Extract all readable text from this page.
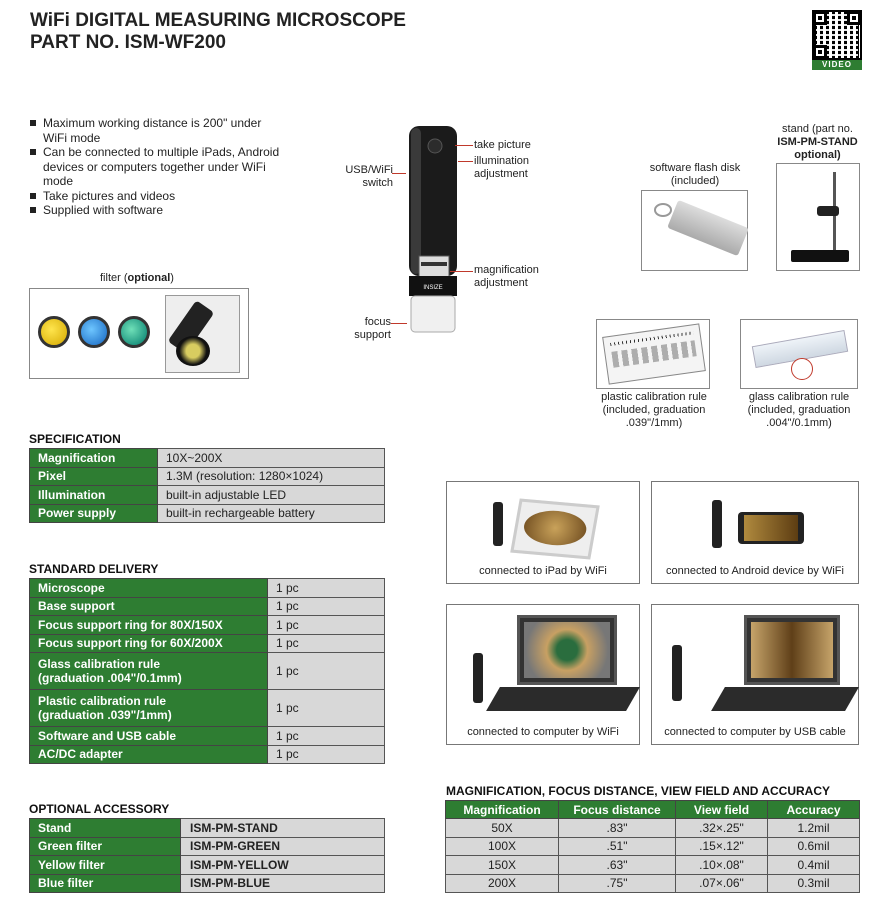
WiFi DIGITAL MEASURING MICROSCOPE
PART NO. ISM-WF200
VIDEO
Maximum working distance is 200" under WiFi mode
Can be connected to multiple iPads, Android devices or computers together under WiFi mode
Take pictures and videos
Supplied with software
filter (optional)
INSIZE
take picture
illumination adjustment
USB/WiFi switch
magnification adjustment
focus support
software flash disk (included)
stand (part no.
ISM-PM-STAND
optional)
plastic calibration rule (included, graduation .039"/1mm)
glass calibration rule (included, graduation .004"/0.1mm)
SPECIFICATION
Magnification	10X~200X
Pixel	1.3M (resolution: 1280×1024)
Illumination	built-in adjustable LED
Power supply	built-in rechargeable battery
STANDARD DELIVERY
Microscope	1 pc
Base support	1 pc
Focus support ring for 80X/150X	1 pc
Focus support ring for 60X/200X	1 pc

Glass calibration rule
(graduation .004"/0.1mm)	1 pc

Plastic calibration rule
(graduation .039"/1mm)	1 pc
Software and USB cable	1 pc
AC/DC adapter	1 pc
OPTIONAL ACCESSORY
Stand	ISM-PM-STAND
Green filter	ISM-PM-GREEN
Yellow filter	ISM-PM-YELLOW
Blue filter	ISM-PM-BLUE
connected to iPad by WiFi	connected to Android device by WiFi
connected to computer by WiFi	connected to computer by USB cable
MAGNIFICATION, FOCUS DISTANCE, VIEW FIELD AND ACCURACY
Magnification	Focus distance	View field	Accuracy
50X	.83"	.32×.25"	1.2mil
100X	.51"	.15×.12"	0.6mil
150X	.63"	.10×.08"	0.4mil
200X	.75"	.07×.06"	0.3mil
